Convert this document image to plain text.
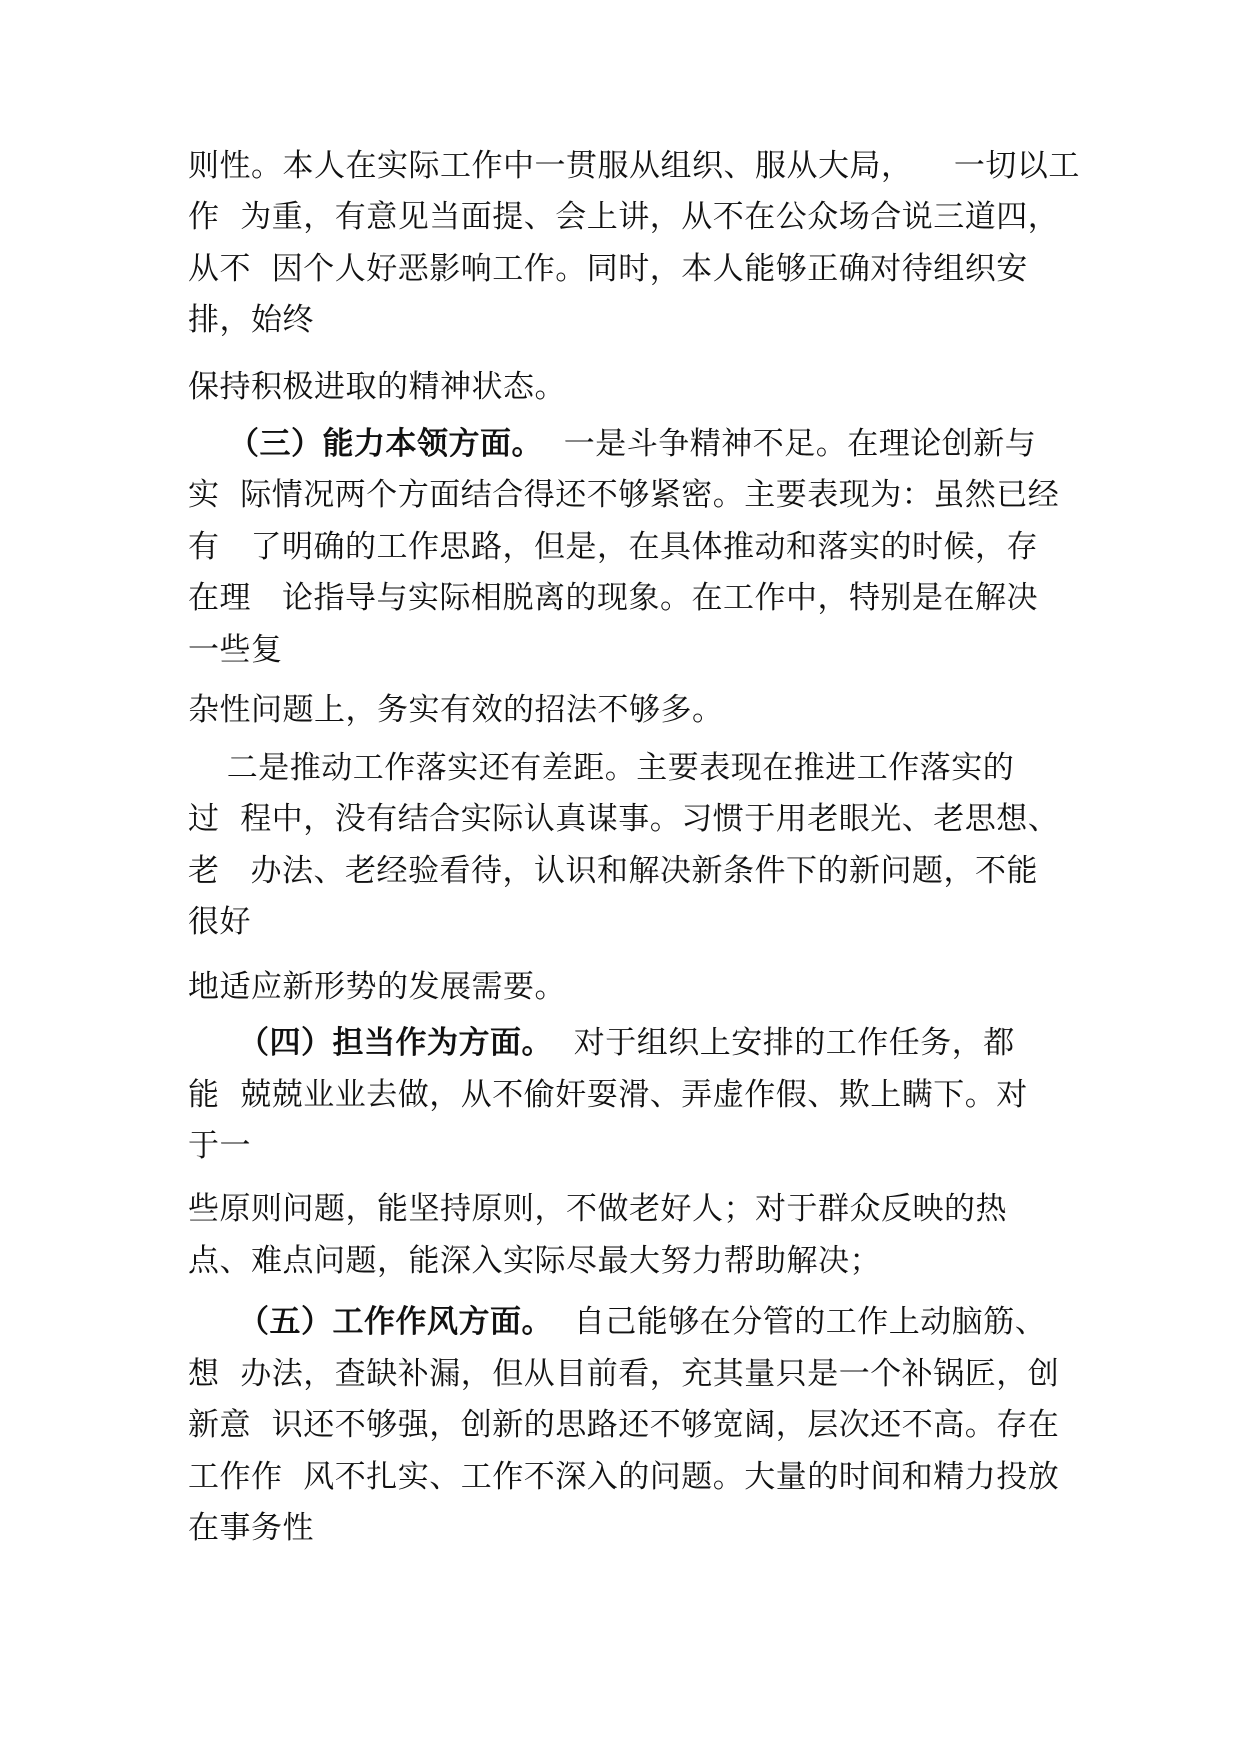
则性。本人在实际工作中一贯服从组织、服从大局，    一切以工

作  为重，有意见当面提、会上讲，从不在公众场合说三道四，

从不  因个人好恶影响工作。同时，本人能够正确对待组织安

排，始终

保持积极进取的精神状态。

（三）能力本领方面。  一是斗争精神不足。在理论创新与

实  际情况两个方面结合得还不够紧密。主要表现为：虽然已经

有   了明确的工作思路，但是，在具体推动和落实的时候，存

在理   论指导与实际相脱离的现象。在工作中，特别是在解决

一些复

杂性问题上，务实有效的招法不够多。

二是推动工作落实还有差距。主要表现在推进工作落实的

过  程中，没有结合实际认真谋事。习惯于用老眼光、老思想、

老   办法、老经验看待，认识和解决新条件下的新问题，不能

很好

地适应新形势的发展需要。

（四）担当作为方面。  对于组织上安排的工作任务，都

能  兢兢业业去做，从不偷奸耍滑、弄虚作假、欺上瞒下。对

于一

些原则问题，能坚持原则，不做老好人；对于群众反映的热

点、难点问题，能深入实际尽最大努力帮助解决；

（五）工作作风方面。  自己能够在分管的工作上动脑筋、

想  办法，查缺补漏，但从目前看，充其量只是一个补锅匠，创

新意  识还不够强，创新的思路还不够宽阔，层次还不高。存在

工作作  风不扎实、工作不深入的问题。大量的时间和精力投放

在事务性
